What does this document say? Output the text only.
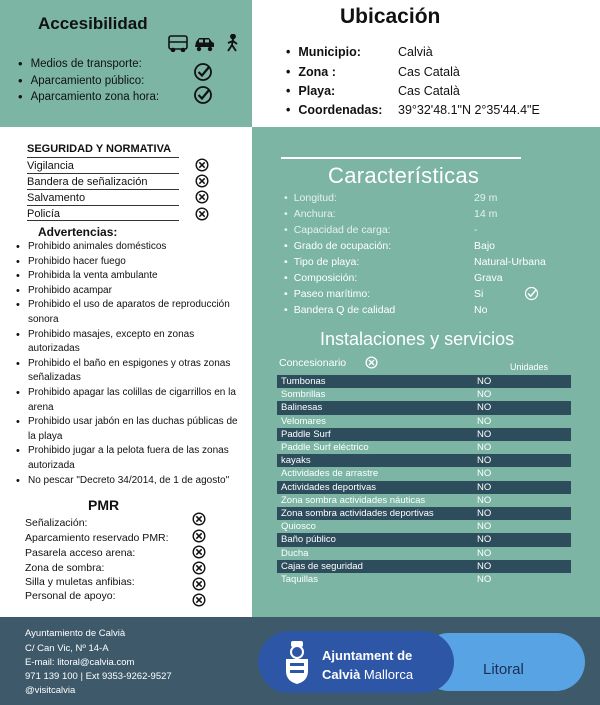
Accesibilidad
• Medios de transporte:
• Aparcamiento público:
• Aparcamiento zona hora:
Ubicación
• Municipio:	Calvià
• Zona :	Cas Català
• Playa:	Cas Català
• Coordenadas:	39°32'48.1"N 2°35'44.4"E
SEGURIDAD Y NORMATIVA
Vigilancia
Bandera de señalización
Salvamento
Policía
Advertencias:
• Prohibido animales domésticos
• Prohibido hacer fuego
• Prohibida la venta ambulante
• Prohibido acampar
• Prohibido el uso de aparatos de reproducción sonora
• Prohibido masajes, excepto en zonas autorizadas
• Prohibido el baño en espigones y otras zonas señalizadas
• Prohibido apagar las colillas de cigarrillos en la arena
• Prohibido usar jabón en las duchas públicas de la playa
• Prohibido jugar a la pelota fuera de las zonas autorizada
• No pescar "Decreto 34/2014, de 1 de agosto"
PMR
Señalización:
Aparcamiento reservado PMR:
Pasarela acceso arena:
Zona de sombra:
Silla y muletas anfibias:
Personal de apoyo:
Características
• Longitud:	29 m
• Anchura:	14 m
• Capacidad de carga:	-
• Grado de ocupación:	Bajo
• Tipo de playa:	Natural-Urbana
• Composición:	Grava
• Paseo marítimo:	Si
• Bandera Q de calidad	No
Instalaciones y servicios
Concesionario	Unidades
Tumbonas	NO
Sombrillas	NO
Balinesas	NO
Velomares	NO
Paddle Surf	NO
Paddle Surf eléctrico	NO
kayaks	NO
Actividades de arrastre	NO
Actividades deportivas	NO
Zona sombra actividades náuticas	NO
Zona sombra actividades deportivas	NO
Quiosco	NO
Baño público	NO
Ducha	NO
Cajas de seguridad	NO
Taquillas	NO
Ayuntamiento de Calvià
C/ Can Vic, Nº 14-A
E-mail: litoral@calvia.com
971 139 100 | Ext 9353-9262-9527
@visitcalvia
Ajuntament de
Calvià Mallorca	Litoral
